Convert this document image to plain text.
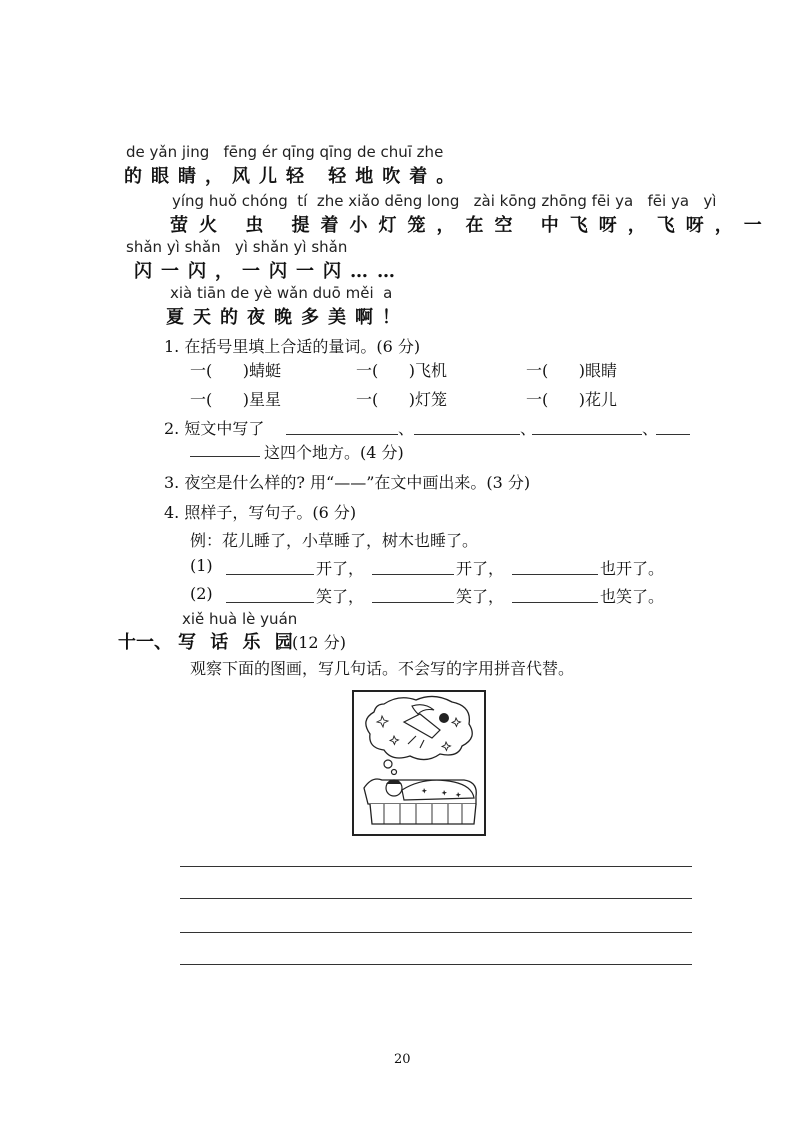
de yǎn jing   fēng ér qīng qīng de chuī zhe
的眼睛，风儿轻 轻地吹着。
yíng huǒ chóng  tí  zhe xiǎo dēng long   zài kōng zhōng fēi ya   fēi ya   yì
萤火 虫 提着小灯笼，在空 中飞呀，飞呀，一
shǎn yì shǎn   yì shǎn yì shǎn
闪一闪，一闪一闪……
xià tiān de yè wǎn duō měi  a
夏天的夜晚多美啊！
1. 在括号里填上合适的量词。(6 分)
一(      )蜻蜓	一(      )飞机	一(      )眼睛
一(      )星星	一(      )灯笼	一(      )花儿
2. 短文中写了	、	、	、
这四个地方。(4 分)
3. 夜空是什么样的? 用“——”在文中画出来。(3 分)
4. 照样子，写句子。(6 分)
例：花儿睡了，小草睡了，树木也睡了。
(1)	开了，	开了，	也开了。
(2)	笑了，	笑了，	也笑了。
xiě huà lè yuán
十一、 写 话 乐 园
。(12 分)
观察下面的图画，写几句话。不会写的字用拼音代替。
20
